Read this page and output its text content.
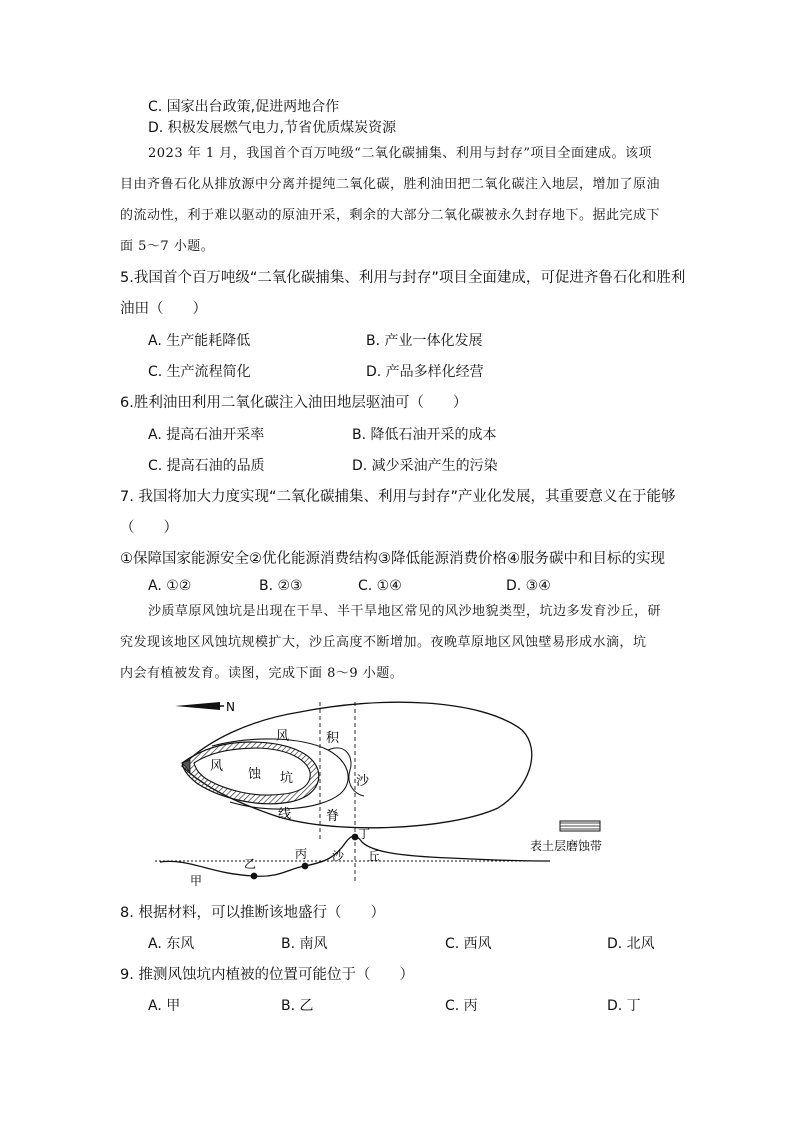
C. 国家出台政策,促进两地合作
D. 积极发展燃气电力,节省优质煤炭资源
2023 年 1 月，我国首个百万吨级“二氧化碳捕集、利用与封存”项目全面建成。该项
目由齐鲁石化从排放源中分离并提纯二氧化碳，胜利油田把二氧化碳注入地层，增加了原油
的流动性，利于难以驱动的原油开采，剩余的大部分二氧化碳被永久封存地下。据此完成下
面 5～7 小题。
5.我国首个百万吨级“二氧化碳捕集、利用与封存”项目全面建成，可促进齐鲁石化和胜利
油田（　　）
A. 生产能耗降低	B. 产业一体化发展
C. 生产流程简化	D. 产品多样化经营
6.胜利油田利用二氧化碳注入油田地层驱油可（　　）
A. 提高石油开采率	B. 降低石油开采的成本
C. 提高石油的品质	D. 减少采油产生的污染
7. 我国将加大力度实现“二氧化碳捕集、利用与封存”产业化发展，其重要意义在于能够
（　　）
①保障国家能源安全②优化能源消费结构③降低能源消费价格④服务碳中和目标的实现
A. ①②	B. ②③	C. ①④	D. ③④
沙质草原风蚀坑是出现在干旱、半干旱地区常见的风沙地貌类型，坑边多发育沙丘，研
究发现该地区风蚀坑规模扩大，沙丘高度不断增加。夜晚草原地区风蚀壁易形成水滴，坑
内会有植被发育。读图，完成下面 8～9 小题。
N
风	积
风
蚀 坑	沙
线	脊
甲
乙
丙
丁
沙 丘
表土层磨蚀带
8. 根据材料，可以推断该地盛行（　　）
A. 东风	B. 南风	C. 西风	D. 北风
9. 推测风蚀坑内植被的位置可能位于（　　）
A. 甲	B. 乙	C. 丙	D. 丁
